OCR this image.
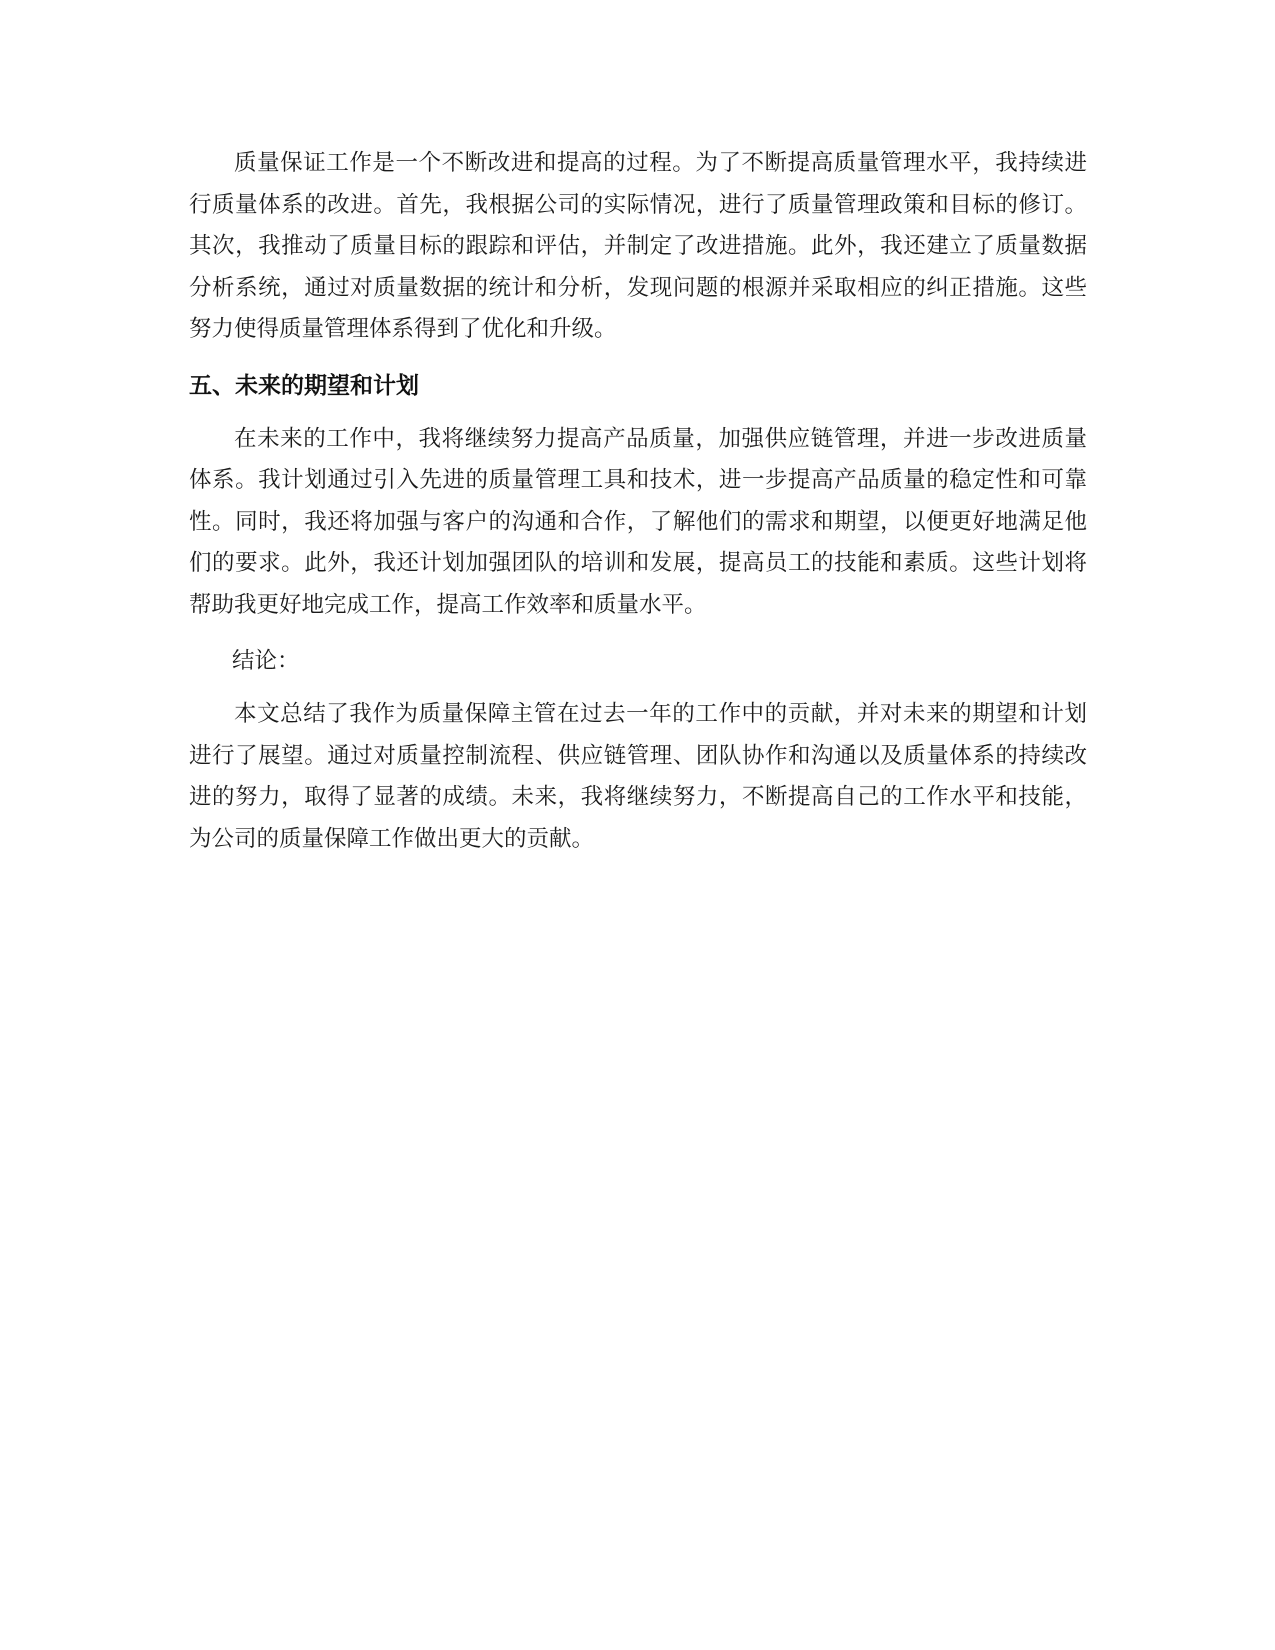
质量保证工作是一个不断改进和提高的过程。为了不断提高质量管理水平，我持续进行质量体系的改进。首先，我根据公司的实际情况，进行了质量管理政策和目标的修订。其次，我推动了质量目标的跟踪和评估，并制定了改进措施。此外，我还建立了质量数据分析系统，通过对质量数据的统计和分析，发现问题的根源并采取相应的纠正措施。这些努力使得质量管理体系得到了优化和升级。

五、未来的期望和计划

在未来的工作中，我将继续努力提高产品质量，加强供应链管理，并进一步改进质量体系。我计划通过引入先进的质量管理工具和技术，进一步提高产品质量的稳定性和可靠性。同时，我还将加强与客户的沟通和合作，了解他们的需求和期望，以便更好地满足他们的要求。此外，我还计划加强团队的培训和发展，提高员工的技能和素质。这些计划将帮助我更好地完成工作，提高工作效率和质量水平。

结论：

本文总结了我作为质量保障主管在过去一年的工作中的贡献，并对未来的期望和计划进行了展望。通过对质量控制流程、供应链管理、团队协作和沟通以及质量体系的持续改进的努力，取得了显著的成绩。未来，我将继续努力，不断提高自己的工作水平和技能，为公司的质量保障工作做出更大的贡献。
